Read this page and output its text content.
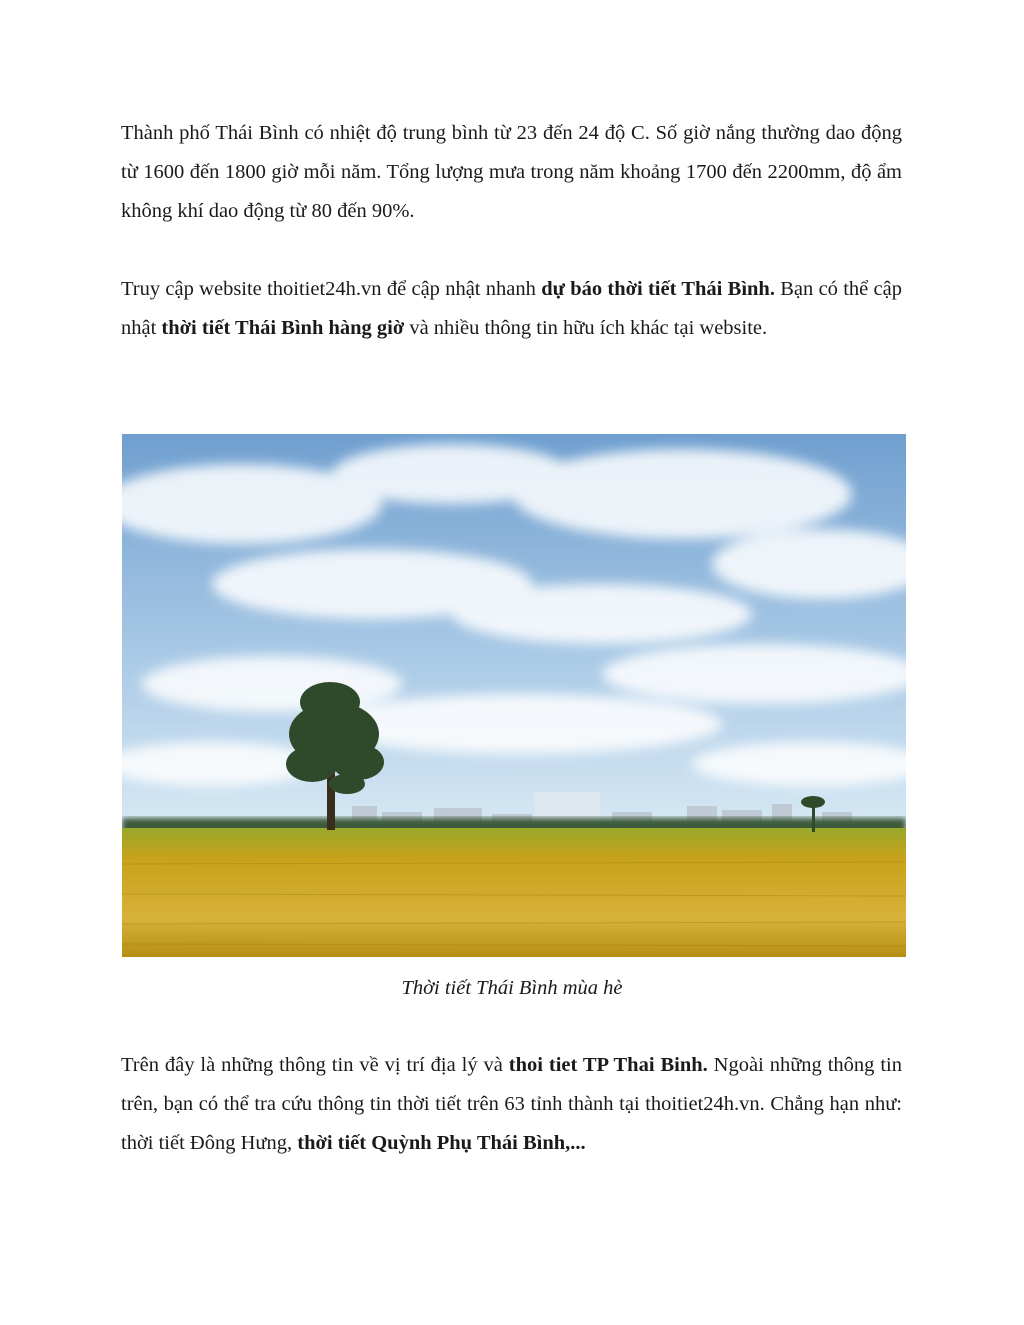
Thành phố Thái Bình có nhiệt độ trung bình từ 23 đến 24 độ C. Số giờ nắng thường dao động từ 1600 đến 1800 giờ mỗi năm. Tổng lượng mưa trong năm khoảng 1700 đến 2200mm, độ ẩm không khí dao động từ 80 đến 90%.

Truy cập website thoitiet24h.vn để cập nhật nhanh dự báo thời tiết Thái Bình. Bạn có thể cập nhật thời tiết Thái Bình hàng giờ và nhiều thông tin hữu ích khác tại website.

Thời tiết Thái Bình mùa hè

Trên đây là những thông tin về vị trí địa lý và thoi tiet TP Thai Binh. Ngoài những thông tin trên, bạn có thể tra cứu thông tin thời tiết trên 63 tỉnh thành tại thoitiet24h.vn. Chẳng hạn như: thời tiết Đông Hưng, thời tiết Quỳnh Phụ Thái Bình,...
